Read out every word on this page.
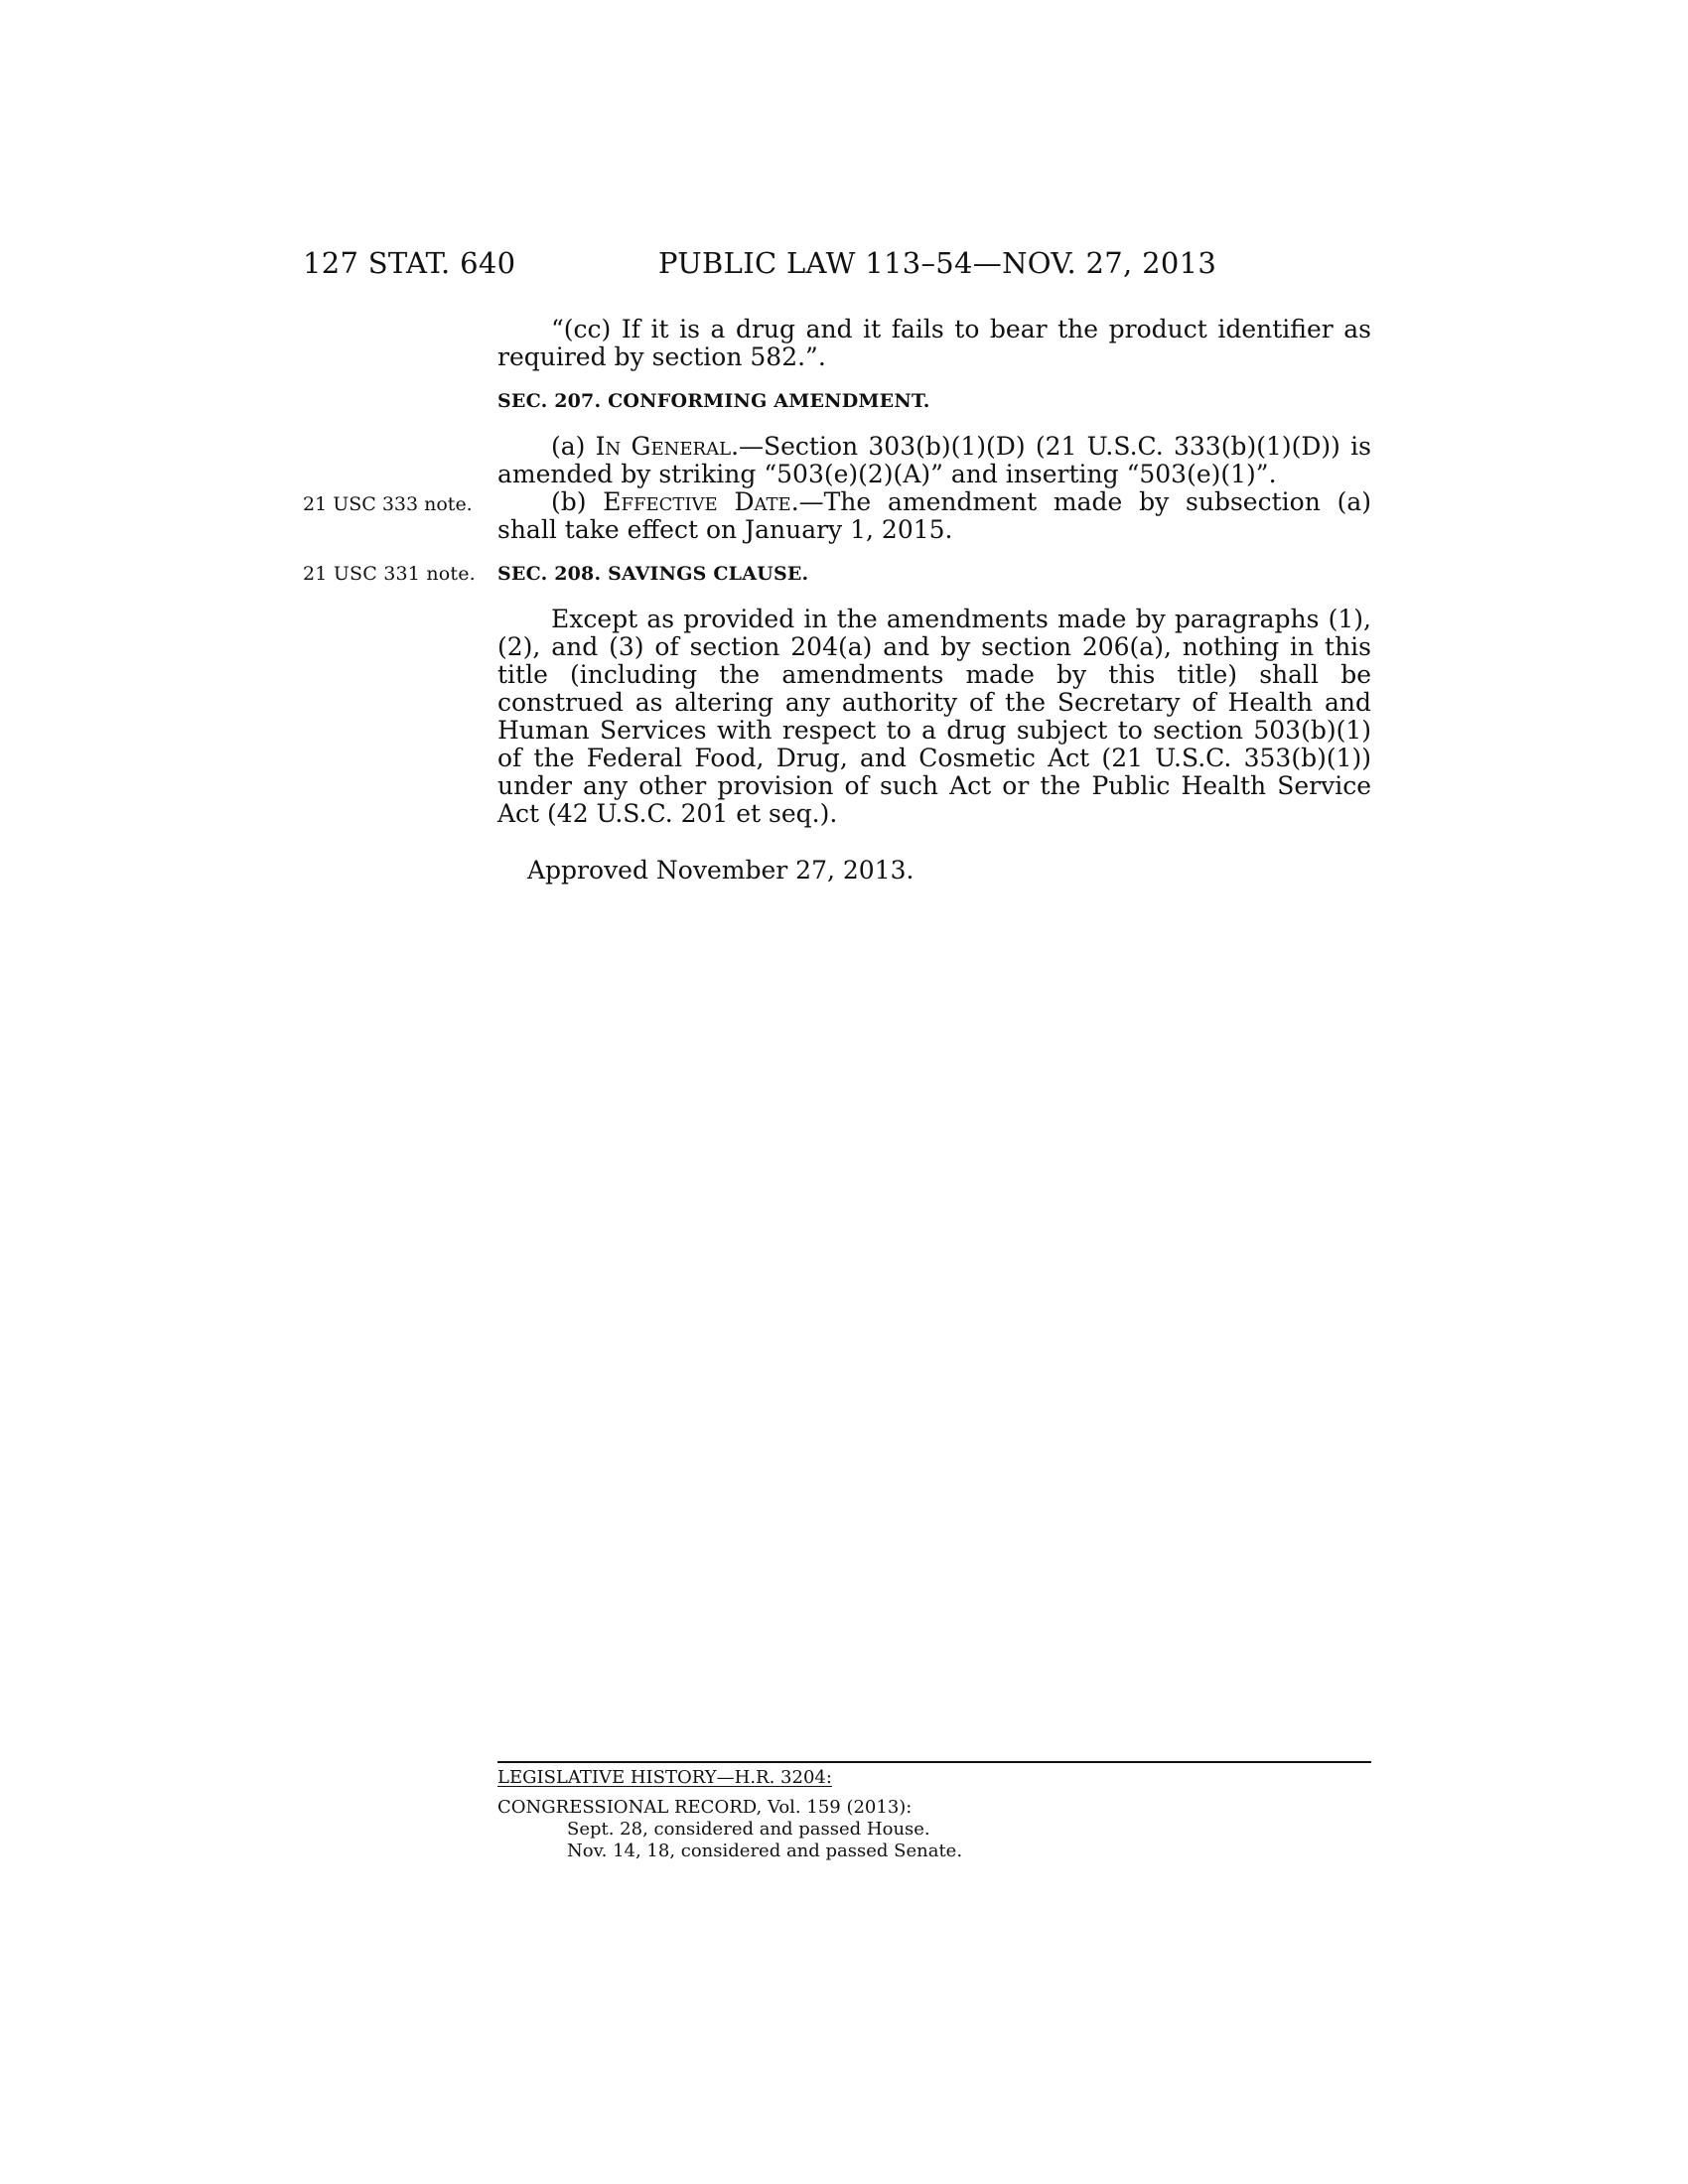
127 STAT. 640	PUBLIC LAW 113–54—NOV. 27, 2013

“(cc) If it is a drug and it fails to bear the product identifier as required by section 582.”.

SEC. 207. CONFORMING AMENDMENT.

(a) In General.—Section 303(b)(1)(D) (21 U.S.C. 333(b)(1)(D)) is amended by striking “503(e)(2)(A)” and inserting “503(e)(1)”.

21 USC 333 note.	(b) Effective Date.—The amendment made by subsection (a) shall take effect on January 1, 2015.

21 USC 331 note.	SEC. 208. SAVINGS CLAUSE.

Except as provided in the amendments made by paragraphs (1), (2), and (3) of section 204(a) and by section 206(a), nothing in this title (including the amendments made by this title) shall be construed as altering any authority of the Secretary of Health and Human Services with respect to a drug subject to section 503(b)(1) of the Federal Food, Drug, and Cosmetic Act (21 U.S.C. 353(b)(1)) under any other provision of such Act or the Public Health Service Act (42 U.S.C. 201 et seq.).

Approved November 27, 2013.

LEGISLATIVE HISTORY—H.R. 3204:
CONGRESSIONAL RECORD, Vol. 159 (2013):
Sept. 28, considered and passed House.
Nov. 14, 18, considered and passed Senate.
